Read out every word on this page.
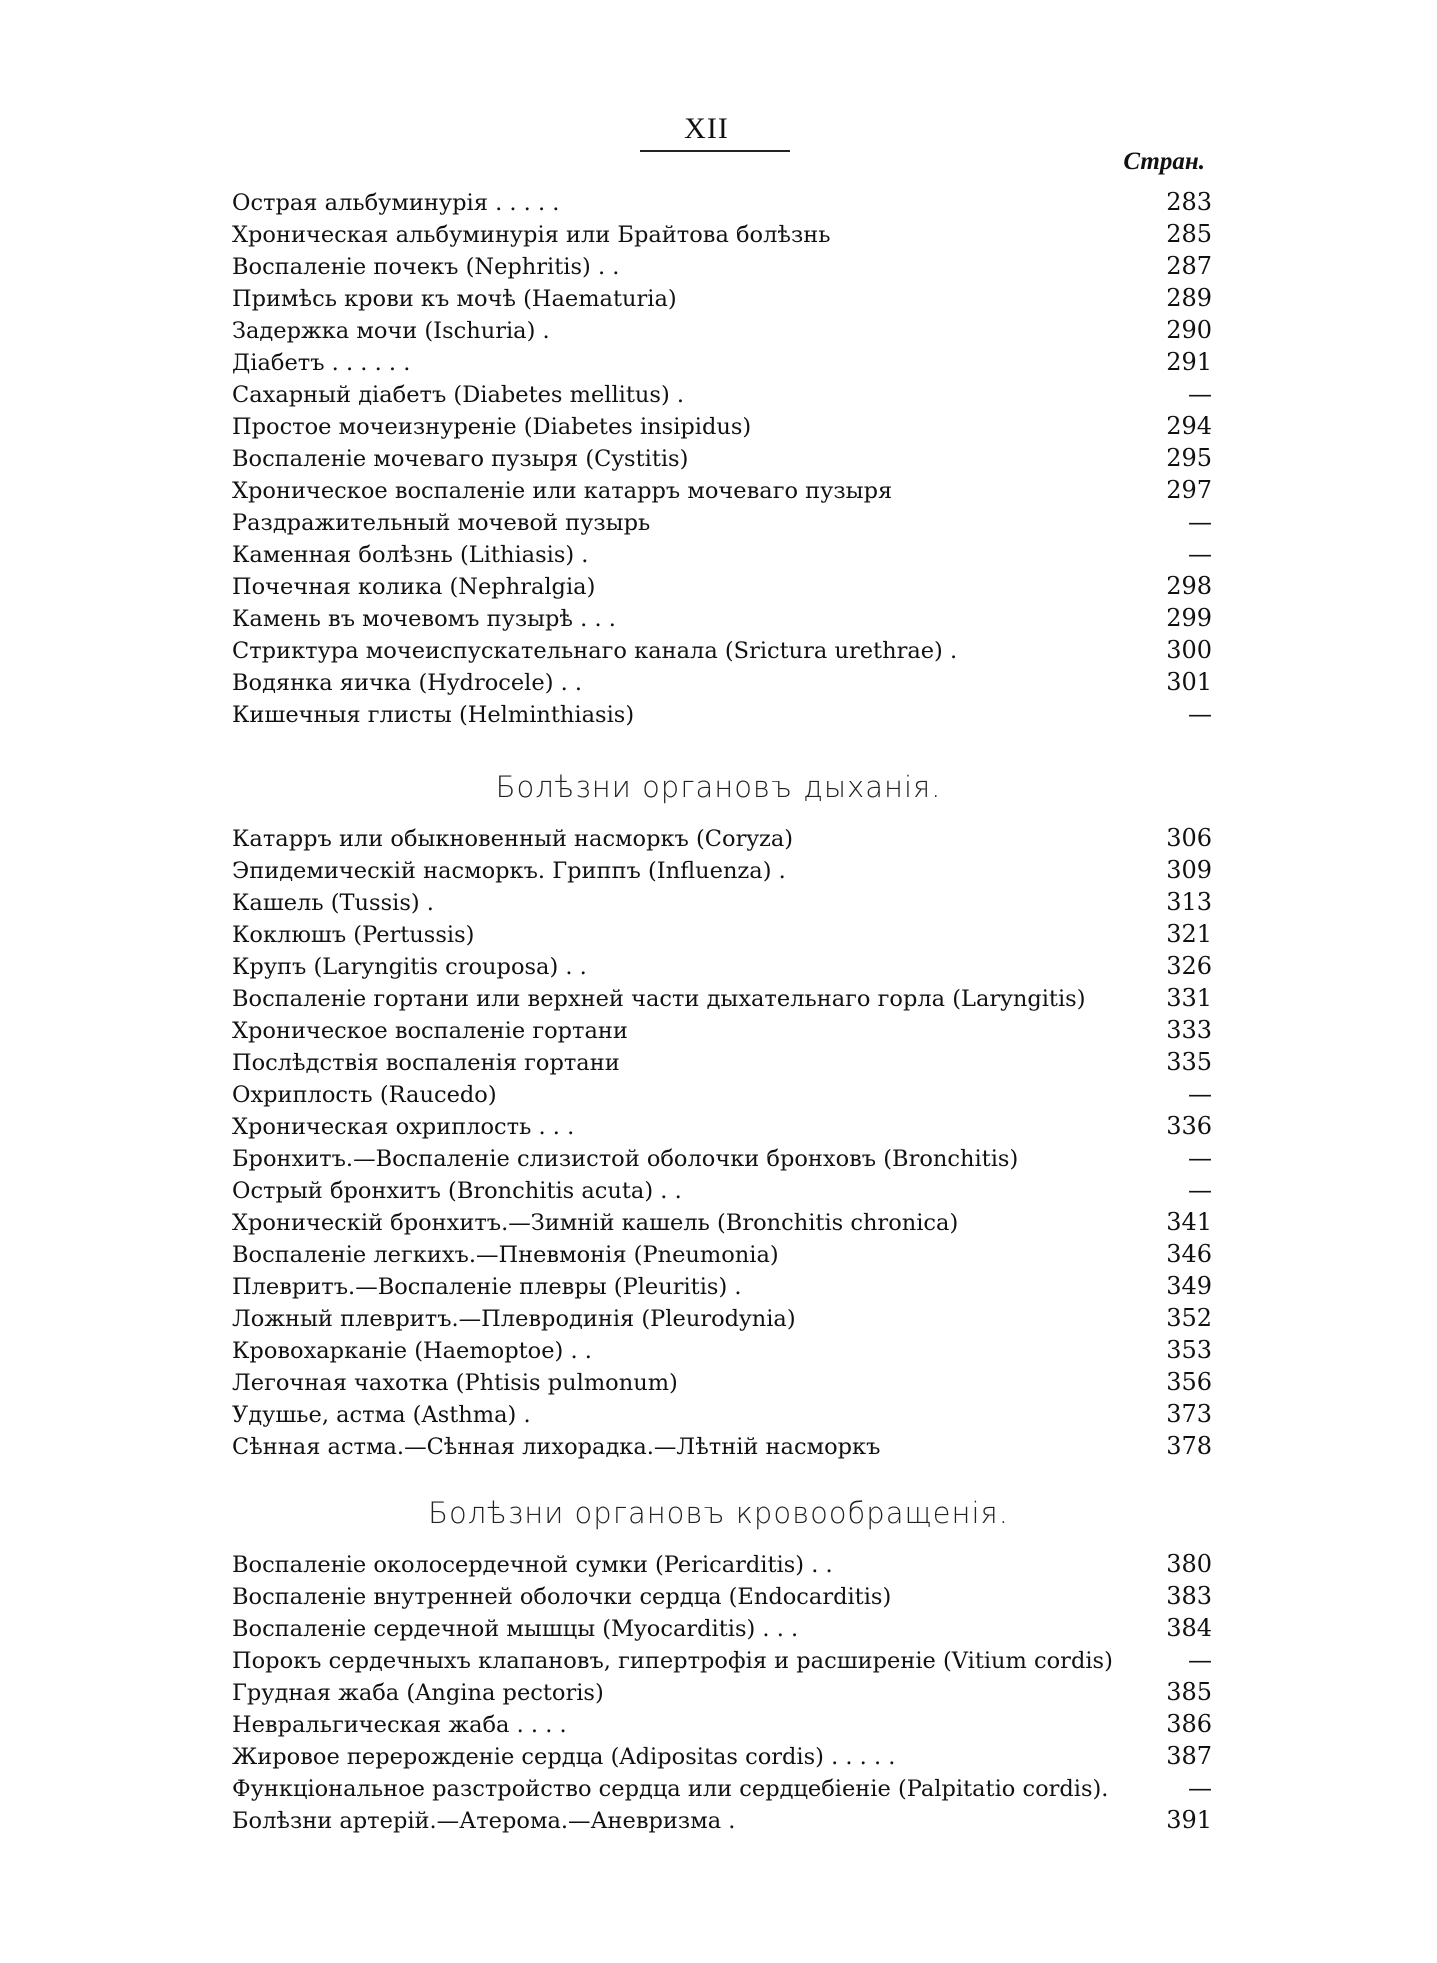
XII
Стран.
Острая альбуминурія . . . . .	283
Хроническая альбуминурія или Брайтова болѣзнь	285
Воспаленіе почекъ (Nephritis) . .	287
Примѣсь крови къ мочѣ (Haematuria)	289
Задержка мочи (Ischuria) .	290
Діабетъ . . . . . .	291
Сахарный діабетъ (Diabetes mellitus) .	—
Простое мочеизнуреніе (Diabetes insipidus)	294
Воспаленіе мочеваго пузыря (Cystitis)	295
Хроническое воспаленіе или катарръ мочеваго пузыря	297
Раздражительный мочевой пузырь	—
Каменная болѣзнь (Lithiasis) .	—
Почечная колика (Nephralgia)	298
Камень въ мочевомъ пузырѣ . . .	299
Стриктура мочеиспускательнаго канала (Srictura urethrae) .	300
Водянка яичка (Hydrocele) . .	301
Кишечныя глисты (Helminthiasis)	—
Болѣзни органовъ дыханія.
Катарръ или обыкновенный насморкъ (Coryza)	306
Эпидемическій насморкъ. Гриппъ (Influenza) .	309
Кашель (Tussis) .	313
Коклюшъ (Pertussis)	321
Крупъ (Laryngitis crouposa) . .	326
Воспаленіе гортани или верхней части дыхательнаго горла (Laryngitis)	331
Хроническое воспаленіе гортани	333
Послѣдствія воспаленія гортани	335
Охриплость (Raucedo)	—
Хроническая охриплость . . .	336
Бронхитъ.—Воспаленіе слизистой оболочки бронховъ (Bronchitis)	—
Острый бронхитъ (Bronchitis acuta) . .	—
Хроническій бронхитъ.—Зимній кашель (Bronchitis chronica)	341
Воспаленіе легкихъ.—Пневмонія (Pneumonia)	346
Плевритъ.—Воспаленіе плевры (Pleuritis) .	349
Ложный плевритъ.—Плевродинія (Pleurodynia)	352
Кровохарканіе (Haemoptoe) . .	353
Легочная чахотка (Phtisis pulmonum)	356
Удушье, астма (Asthma) .	373
Сѣнная астма.—Сѣнная лихорадка.—Лѣтній насморкъ	378
Болѣзни органовъ кровообращенія.
Воспаленіе околосердечной сумки (Pericarditis) . .	380
Воспаленіе внутренней оболочки сердца (Endocarditis)	383
Воспаленіе сердечной мышцы (Myocarditis) . . .	384
Порокъ сердечныхъ клапановъ, гипертрофія и расширеніе (Vitium cordis)	—
Грудная жаба (Angina pectoris)	385
Невральгическая жаба . . . .	386
Жировое перерожденіе сердца (Adipositas cordis) . . . . .	387
Функціональное разстройство сердца или сердцебіеніе (Palpitatio cordis).	—
Болѣзни артерій.—Атерома.—Аневризма .	391
